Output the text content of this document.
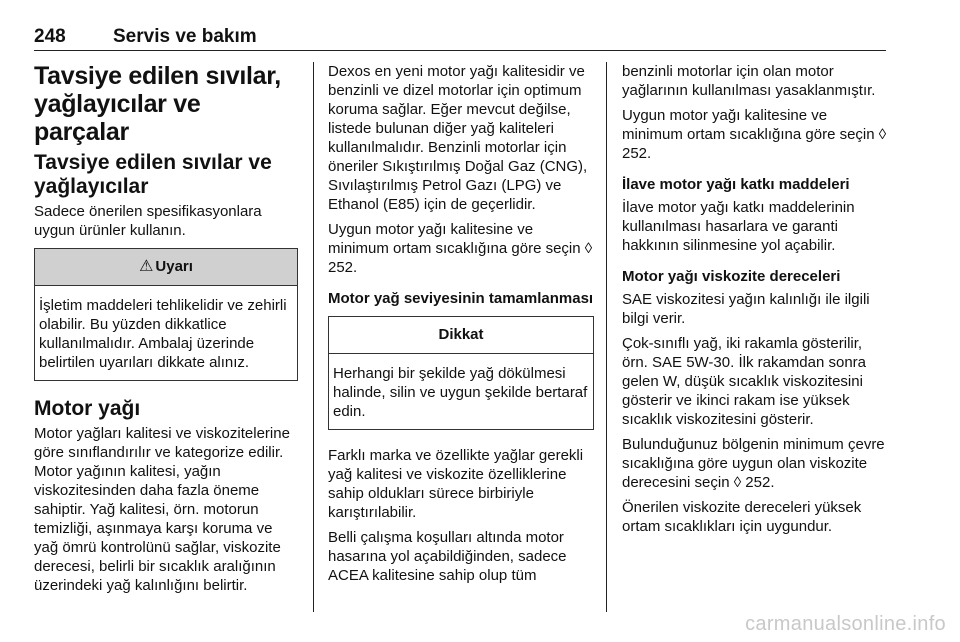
248 Servis ve bakım
Tavsiye edilen sıvılar, yağlayıcılar ve parçalar
Tavsiye edilen sıvılar ve yağlayıcılar

Sadece önerilen spesifikasyonlara uygun ürünler kullanın.

⚠ Uyarı
İşletim maddeleri tehlikelidir ve zehirli olabilir. Bu yüzden dikkatlice kullanılmalıdır. Ambalaj üzerinde belirtilen uyarıları dikkate alınız.
Motor yağı

Motor yağları kalitesi ve viskozitelerine göre sınıflandırılır ve kategorize edilir. Motor yağının kalitesi, yağın viskozitesinden daha fazla öneme sahiptir. Yağ kalitesi, örn. motorun temizliği, aşınmaya karşı koruma ve yağ ömrü kontrolünü sağlar, viskozite derecesi, belirli bir sıcaklık aralığının üzerindeki yağ kalınlığını belirtir.

Dexos en yeni motor yağı kalitesidir ve benzinli ve dizel motorlar için optimum koruma sağlar. Eğer mevcut değilse, listede bulunan diğer yağ kaliteleri kullanılmalıdır. Benzinli motorlar için öneriler Sıkıştırılmış Doğal Gaz (CNG), Sıvılaştırılmış Petrol Gazı (LPG) ve Ethanol (E85) için de geçerlidir.

Uygun motor yağı kalitesine ve minimum ortam sıcaklığına göre seçin ◊ 252.

Motor yağ seviyesinin tamamlanması
Dikkat
Herhangi bir şekilde yağ dökülmesi halinde, silin ve uygun şekilde bertaraf edin.

Farklı marka ve özellikte yağlar gerekli yağ kalitesi ve viskozite özelliklerine sahip oldukları sürece birbiriyle karıştırılabilir.

Belli çalışma koşulları altında motor hasarına yol açabildiğinden, sadece ACEA kalitesine sahip olup tüm

benzinli motorlar için olan motor yağlarının kullanılması yasaklanmıştır.

Uygun motor yağı kalitesine ve minimum ortam sıcaklığına göre seçin ◊ 252.

İlave motor yağı katkı maddeleri

İlave motor yağı katkı maddelerinin kullanılması hasarlara ve garanti hakkının silinmesine yol açabilir.

Motor yağı viskozite dereceleri

SAE viskozitesi yağın kalınlığı ile ilgili bilgi verir.

Çok-sınıflı yağ, iki rakamla gösterilir, örn. SAE 5W-30. İlk rakamdan sonra gelen W, düşük sıcaklık viskozitesini gösterir ve ikinci rakam ise yüksek sıcaklık viskozitesini gösterir.

Bulunduğunuz bölgenin minimum çevre sıcaklığına göre uygun olan viskozite derecesini seçin ◊ 252.

Önerilen viskozite dereceleri yüksek ortam sıcaklıkları için uygundur.

carmanualsonline.info
